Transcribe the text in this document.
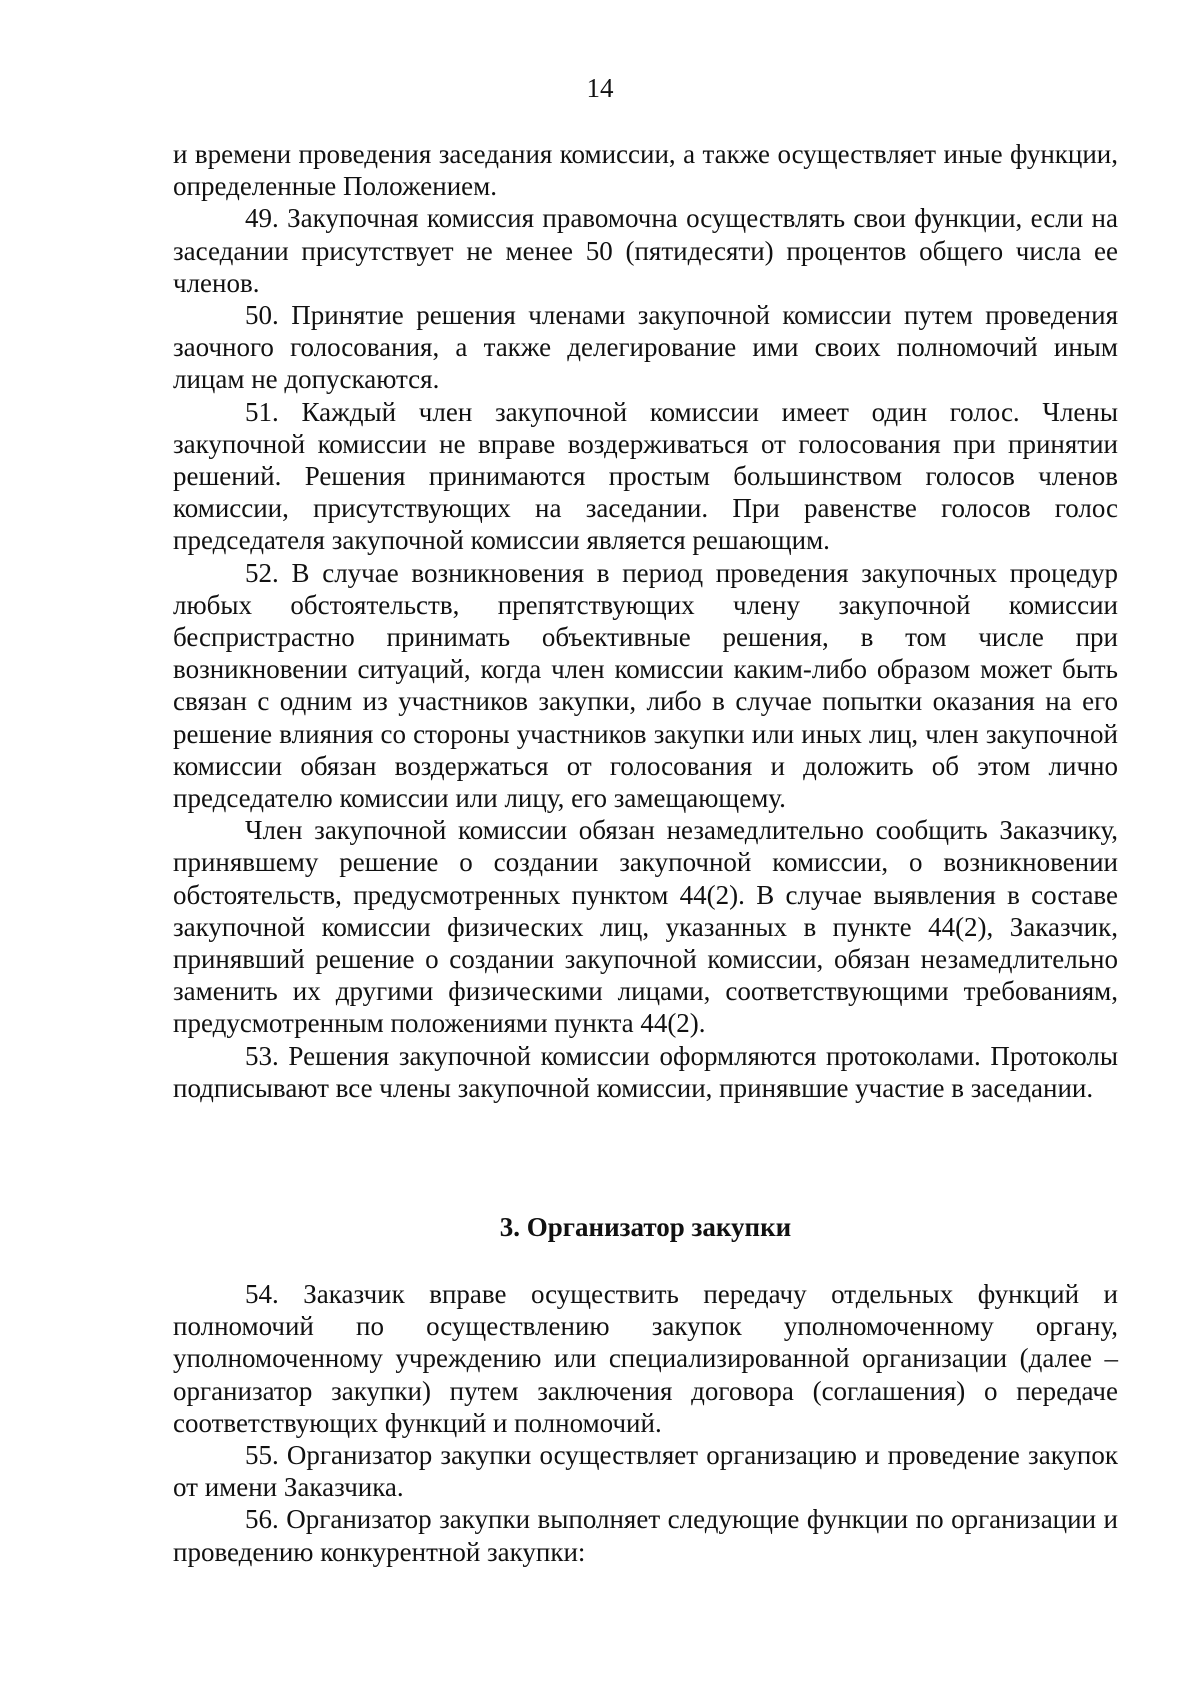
14

и времени проведения заседания комиссии, а также осуществляет иные функции, определенные Положением.

49. Закупочная комиссия правомочна осуществлять свои функции, если на заседании присутствует не менее 50 (пятидесяти) процентов общего числа ее членов.

50. Принятие решения членами закупочной комиссии путем проведения заочного голосования, а также делегирование ими своих полномочий иным лицам не допускаются.

51. Каждый член закупочной комиссии имеет один голос. Члены закупочной комиссии не вправе воздерживаться от голосования при принятии решений. Решения принимаются простым большинством голосов членов комиссии, присутствующих на заседании. При равенстве голосов голос председателя закупочной комиссии является решающим.

52. В случае возникновения в период проведения закупочных процедур любых обстоятельств, препятствующих члену закупочной комиссии беспристрастно принимать объективные решения, в том числе при возникновении ситуаций, когда член комиссии каким-либо образом может быть связан с одним из участников закупки, либо в случае попытки оказания на его решение влияния со стороны участников закупки или иных лиц, член закупочной комиссии обязан воздержаться от голосования и доложить об этом лично председателю комиссии или лицу, его замещающему.

Член закупочной комиссии обязан незамедлительно сообщить Заказчику, принявшему решение о создании закупочной комиссии, о возникновении обстоятельств, предусмотренных пунктом 44(2). В случае выявления в составе закупочной комиссии физических лиц, указанных в пункте 44(2), Заказчик, принявший решение о создании закупочной комиссии, обязан незамедлительно заменить их другими физическими лицами, соответствующими требованиям, предусмотренным положениями пункта 44(2).

53. Решения закупочной комиссии оформляются протоколами. Протоколы подписывают все члены закупочной комиссии, принявшие участие в заседании.

3. Организатор закупки

54. Заказчик вправе осуществить передачу отдельных функций и полномочий по осуществлению закупок уполномоченному органу, уполномоченному учреждению или специализированной организации (далее – организатор закупки) путем заключения договора (соглашения) о передаче соответствующих функций и полномочий.

55. Организатор закупки осуществляет организацию и проведение закупок от имени Заказчика.

56. Организатор закупки выполняет следующие функции по организации и проведению конкурентной закупки:
